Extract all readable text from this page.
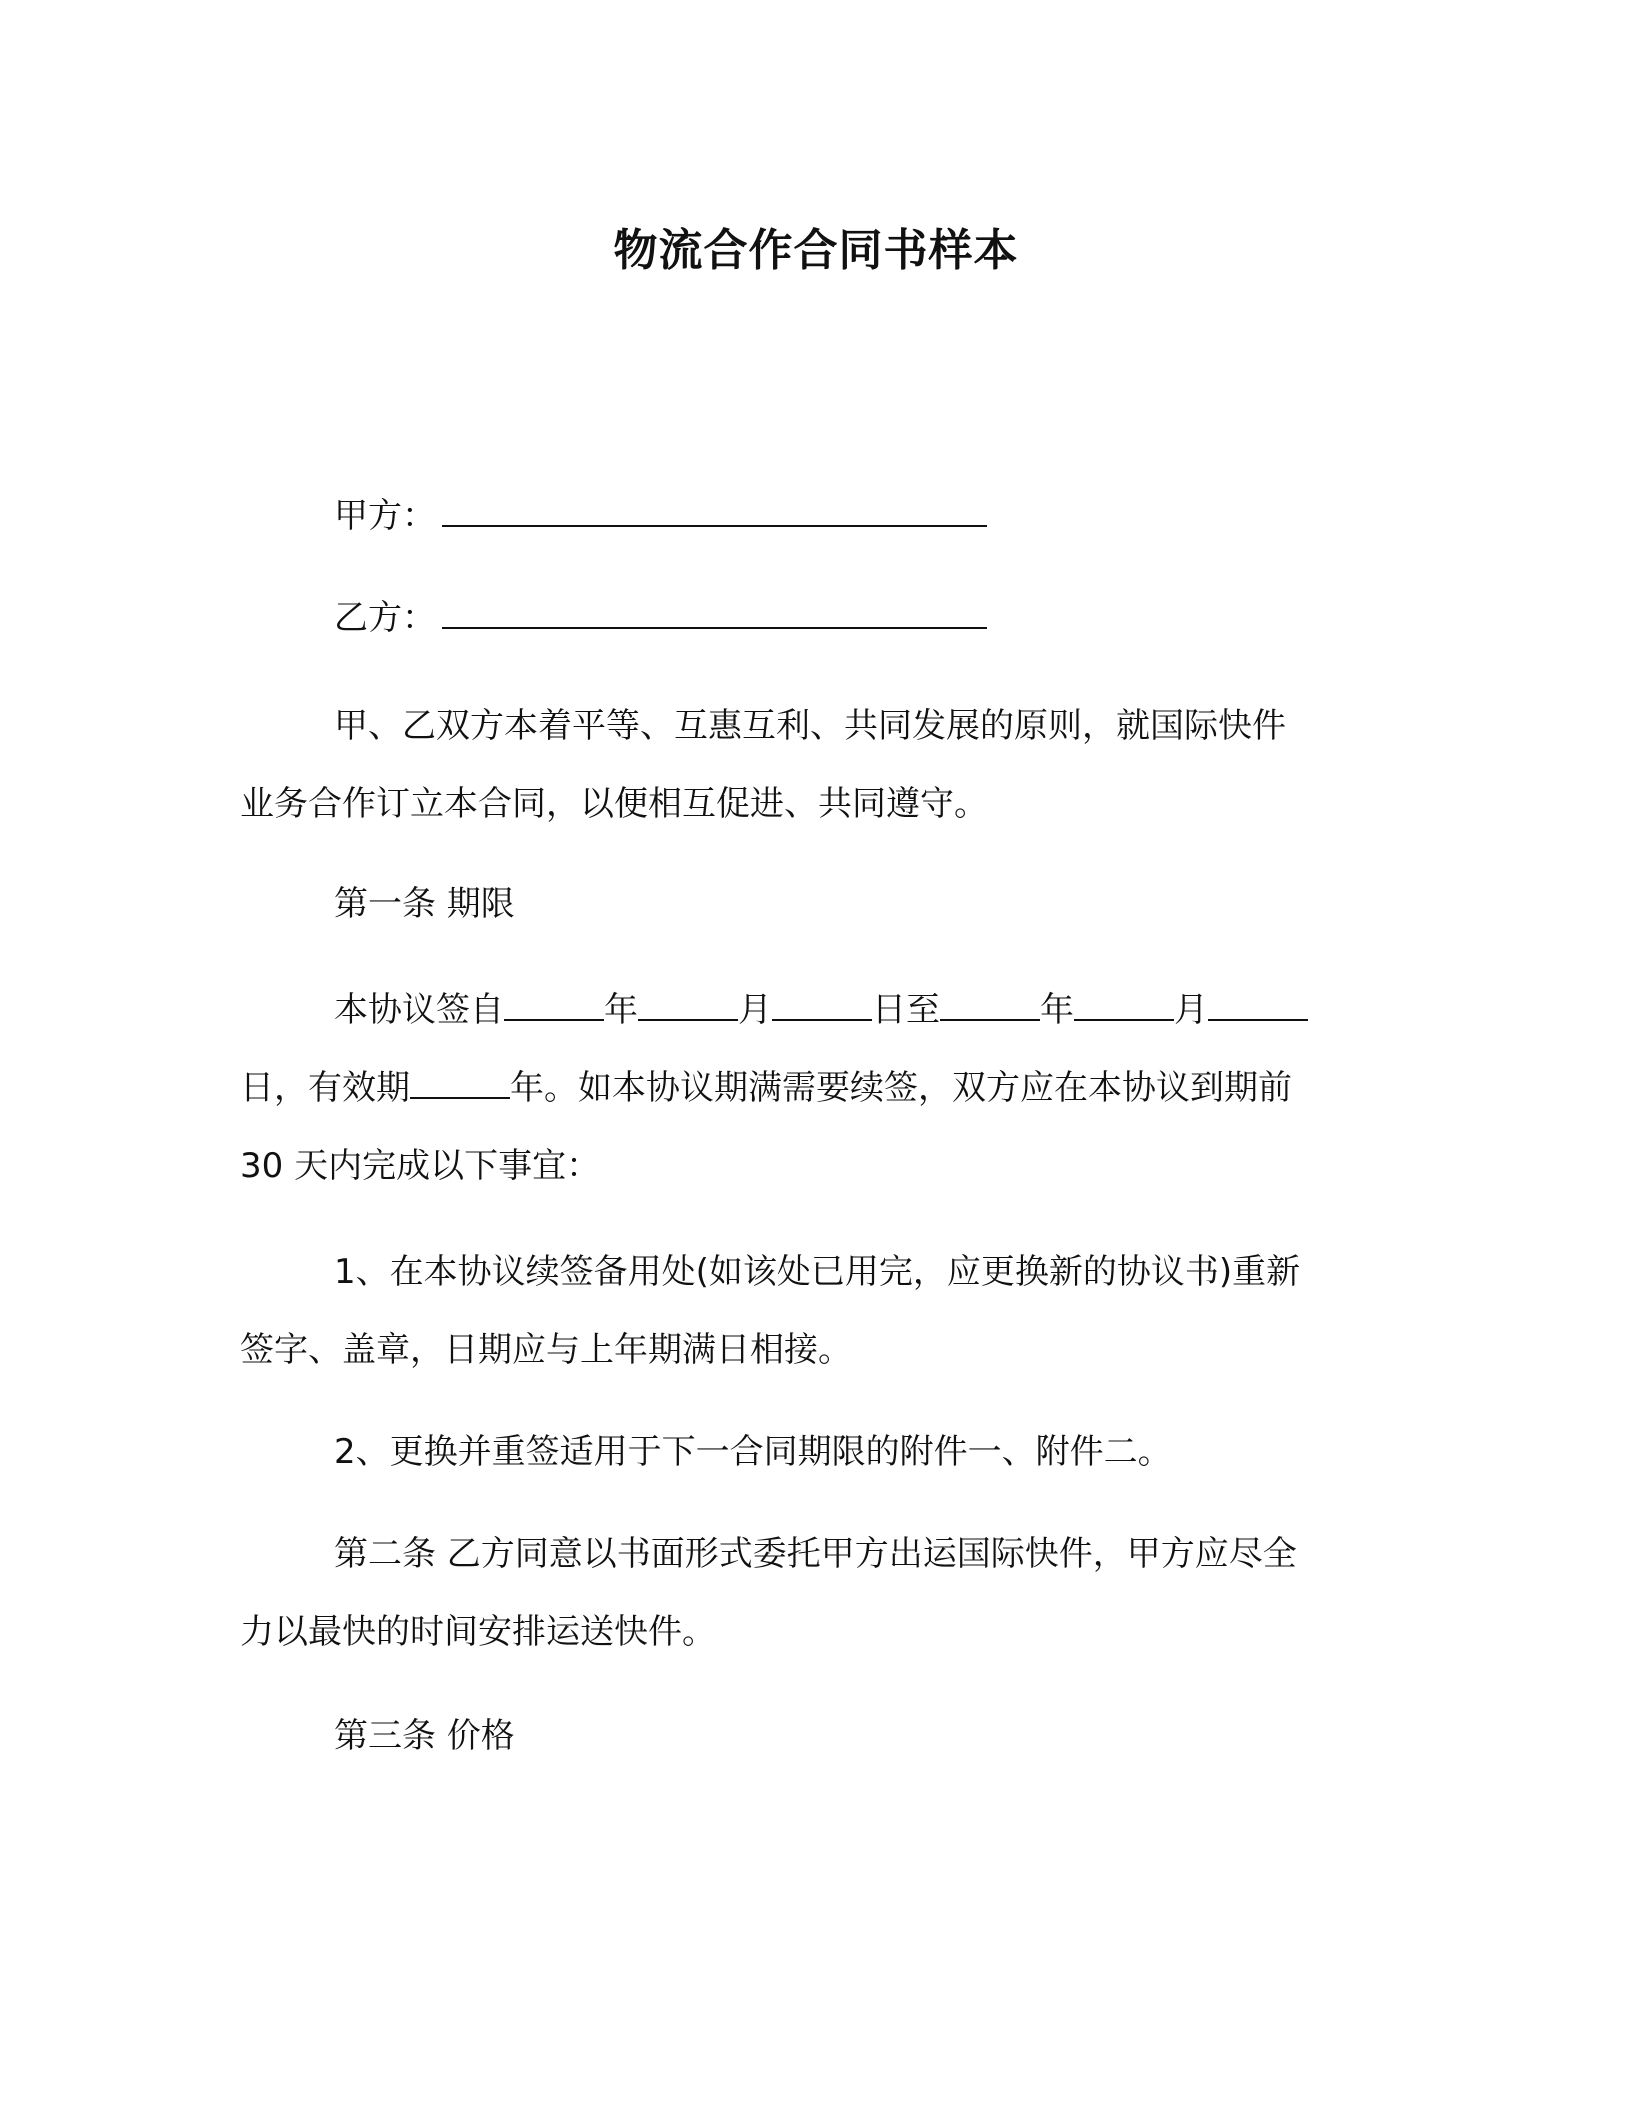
物流合作合同书样本
甲方：
乙方：
甲、乙双方本着平等、互惠互利、共同发展的原则，就国际快件
业务合作订立本合同，以便相互促进、共同遵守。
第一条 期限
本协议签自	年	月	日至	年	月
日，有效期	年。如本协议期满需要续签，双方应在本协议到期前
30 天内完成以下事宜：
1、在本协议续签备用处(如该处已用完，应更换新的协议书)重新
签字、盖章，日期应与上年期满日相接。
2、更换并重签适用于下一合同期限的附件一、附件二。
第二条 乙方同意以书面形式委托甲方出运国际快件，甲方应尽全
力以最快的时间安排运送快件。
第三条 价格
